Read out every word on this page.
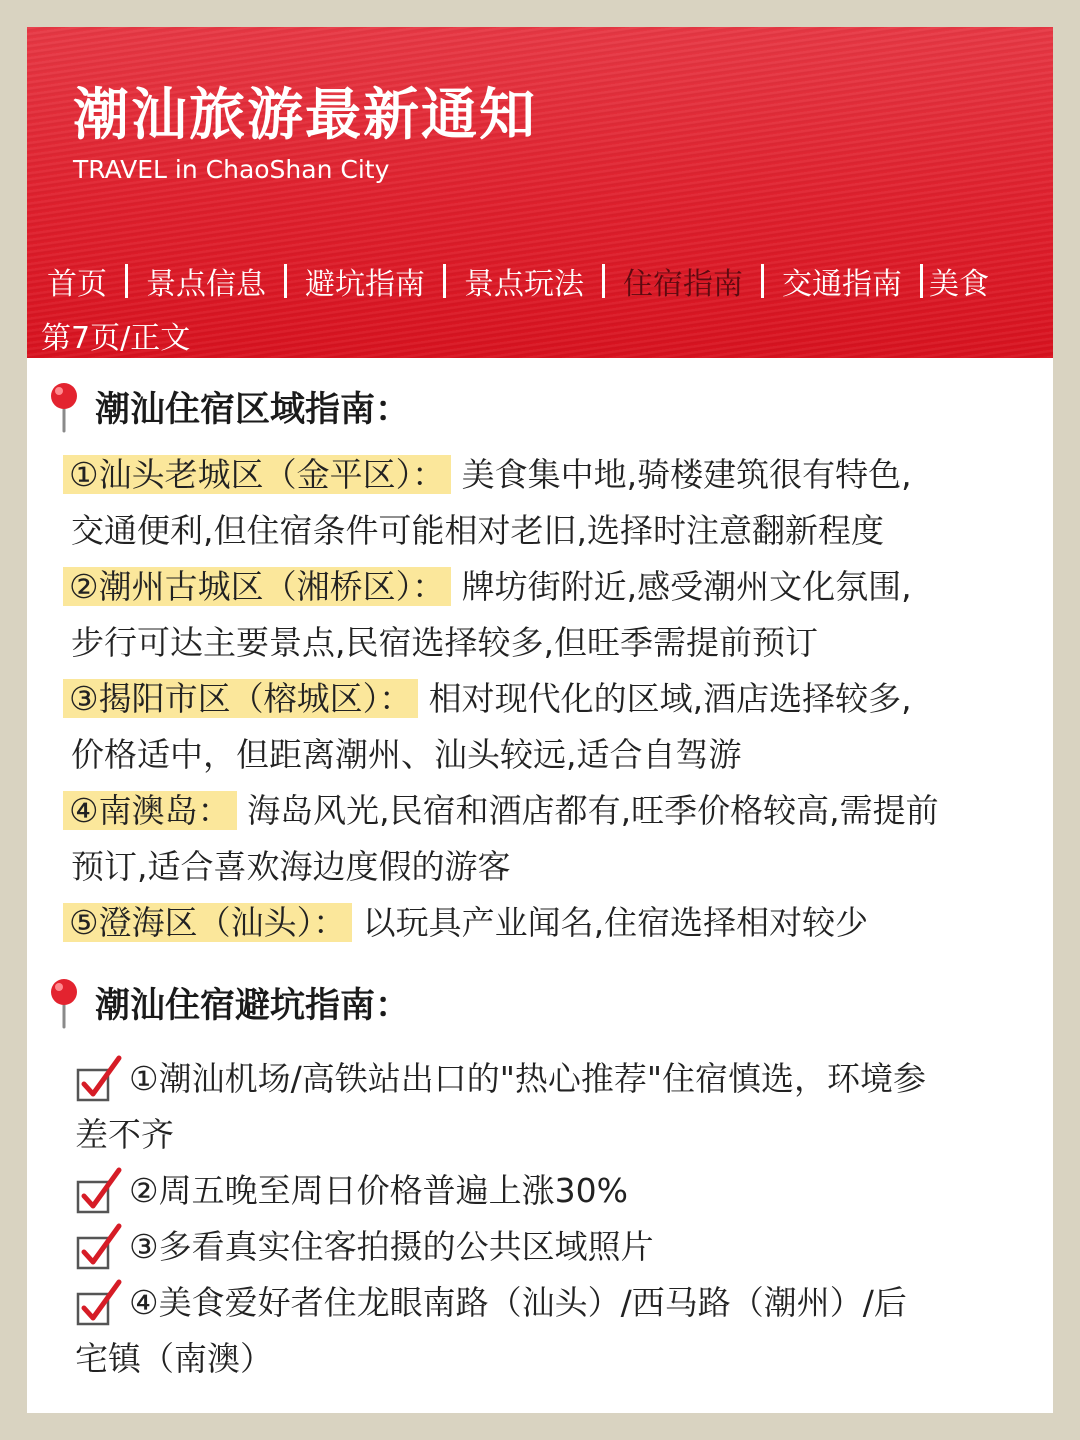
潮汕旅游最新通知
TRAVEL in ChaoShan City
首页 景点信息 避坑指南 景点玩法 住宿指南 交通指南 美食
第7页/正文
潮汕住宿区域指南：
①汕头老城区（金平区）： 美食集中地,骑楼建筑很有特色,
交通便利,但住宿条件可能相对老旧,选择时注意翻新程度
②潮州古城区（湘桥区）： 牌坊街附近,感受潮州文化氛围,
步行可达主要景点,民宿选择较多,但旺季需提前预订
③揭阳市区（榕城区）： 相对现代化的区域,酒店选择较多,
价格适中，但距离潮州、汕头较远,适合自驾游
④南澳岛： 海岛风光,民宿和酒店都有,旺季价格较高,需提前
预订,适合喜欢海边度假的游客
⑤澄海区（汕头）： 以玩具产业闻名,住宿选择相对较少
潮汕住宿避坑指南：
①潮汕机场/高铁站出口的"热心推荐"住宿慎选，环境参
差不齐
②周五晚至周日价格普遍上涨30%
③多看真实住客拍摄的公共区域照片
④美食爱好者住龙眼南路（汕头）/西马路（潮州）/后
宅镇（南澳）
